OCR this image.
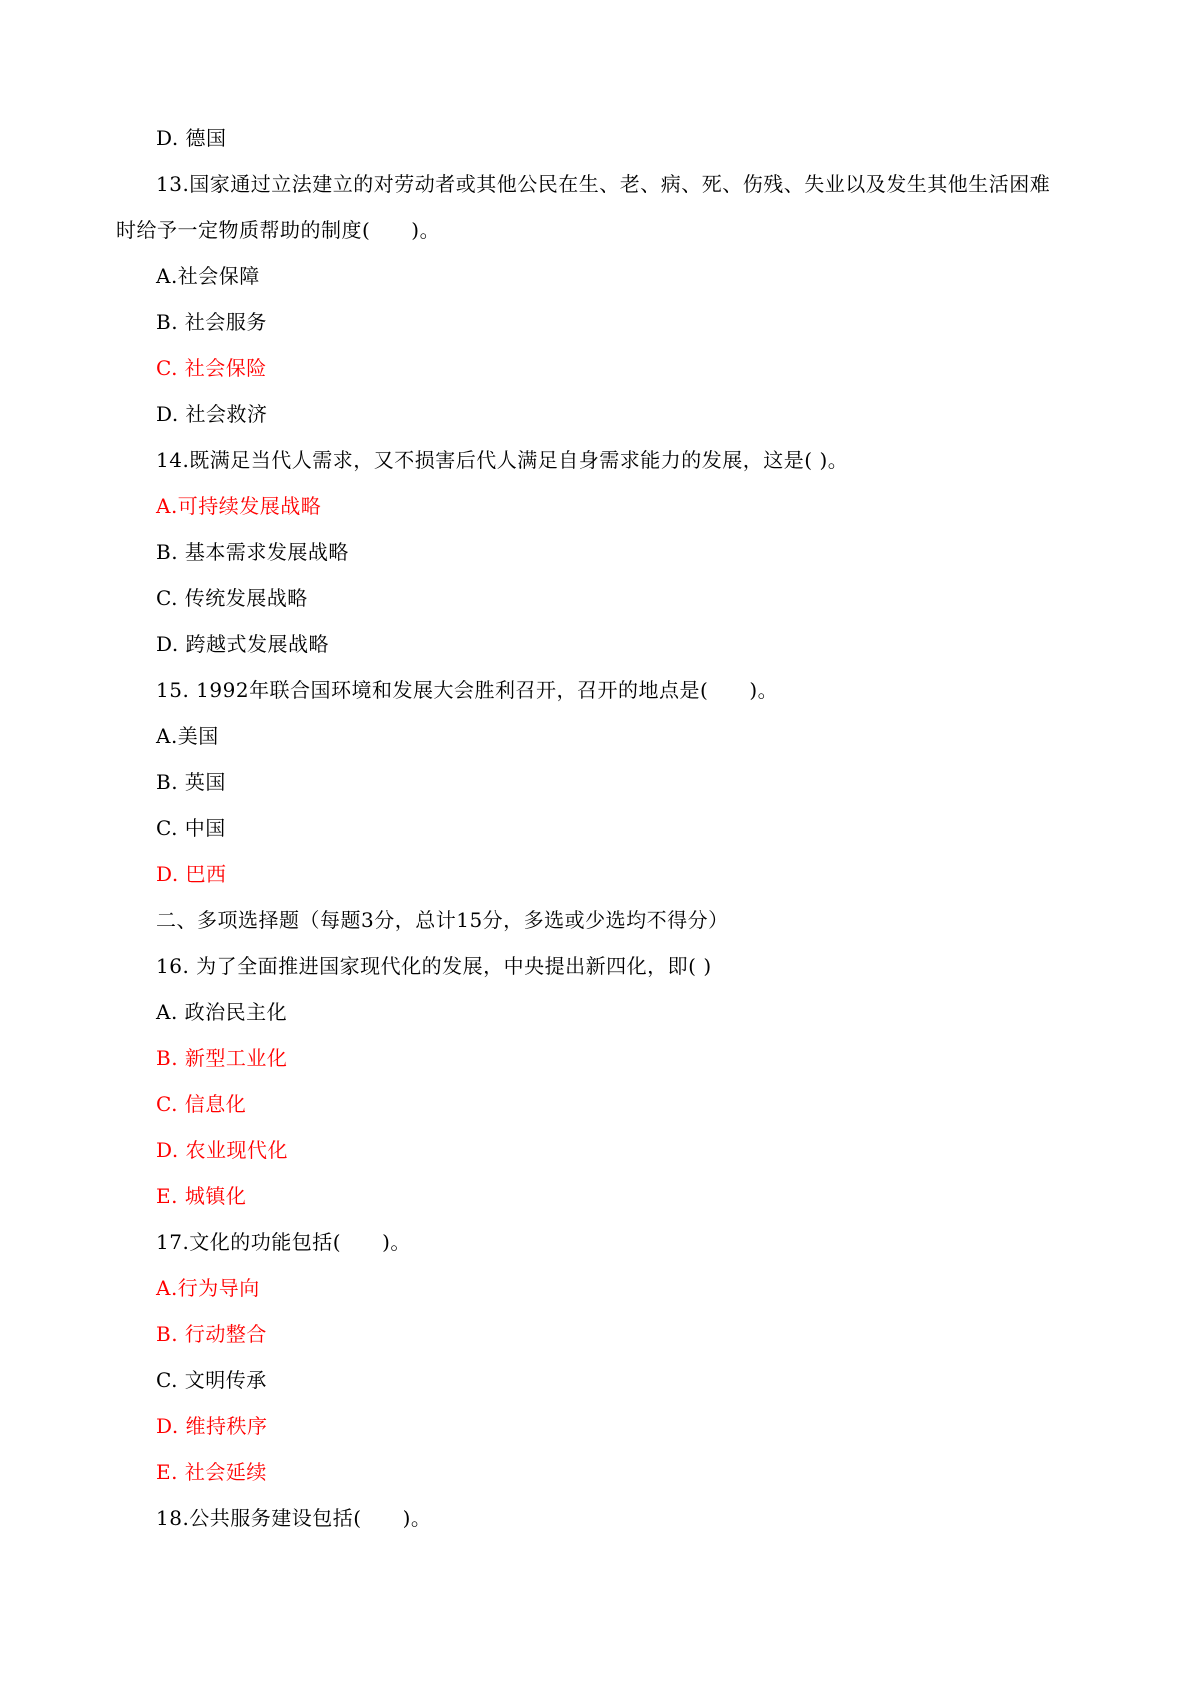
D. 德国
13.国家通过立法建立的对劳动者或其他公民在生、老、病、死、伤残、失业以及发生其他生活困难
时给予一定物质帮助的制度(　　)。
A.社会保障
B. 社会服务
C. 社会保险
D. 社会救济
14.既满足当代人需求，又不损害后代人满足自身需求能力的发展，这是( )。
A.可持续发展战略
B. 基本需求发展战略
C. 传统发展战略
D. 跨越式发展战略
15. 1992年联合国环境和发展大会胜利召开，召开的地点是(　　)。
A.美国
B. 英国
C. 中国
D. 巴西
二、多项选择题（每题3分，总计15分，多选或少选均不得分）
16. 为了全面推进国家现代化的发展，中央提出新四化，即( )
A. 政治民主化
B. 新型工业化
C. 信息化
D. 农业现代化
E. 城镇化
17.文化的功能包括(　　)。
A.行为导向
B. 行动整合
C. 文明传承
D. 维持秩序
E. 社会延续
18.公共服务建设包括(　　)。
